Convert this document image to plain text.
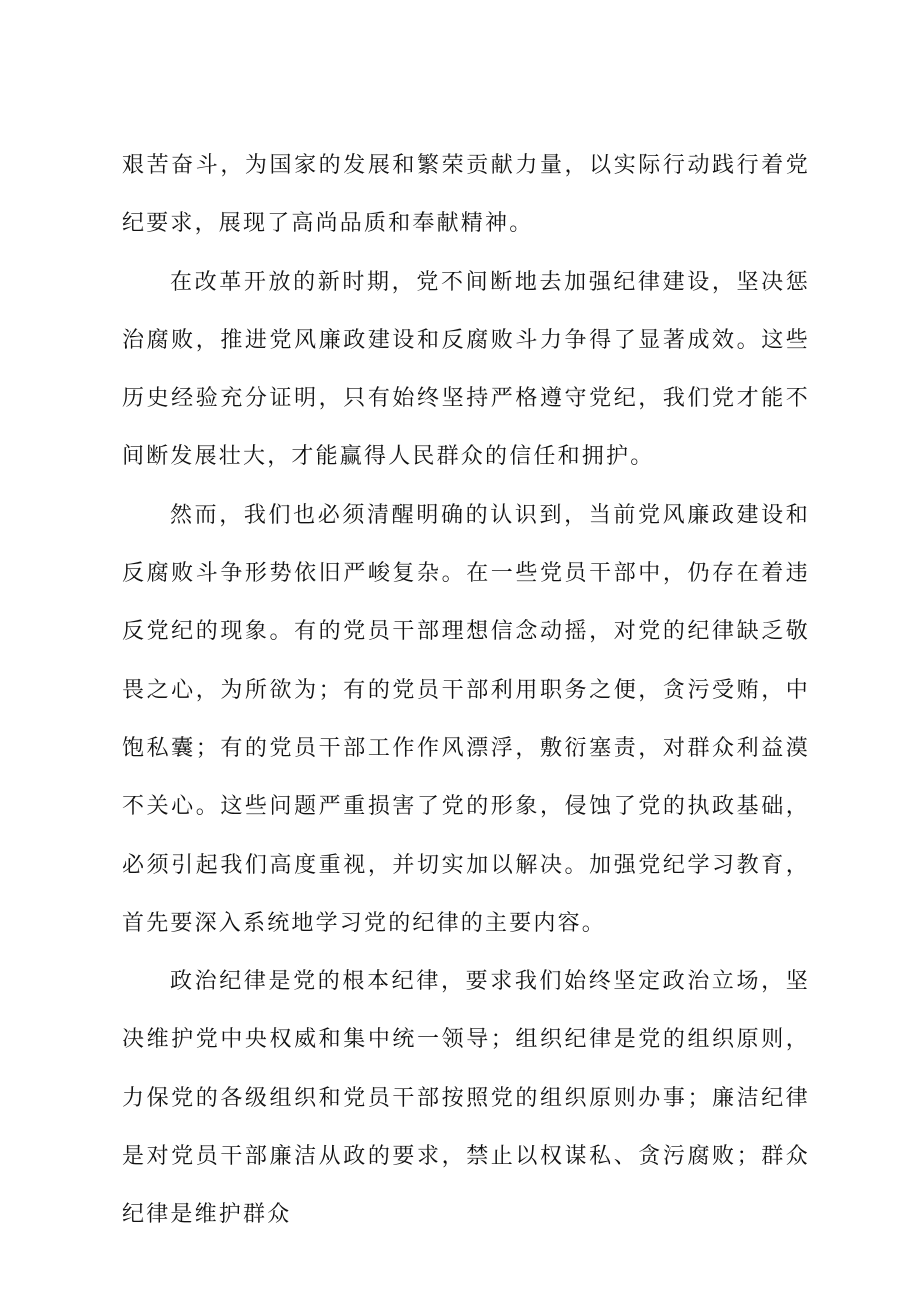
艰苦奋斗，为国家的发展和繁荣贡献力量，以实际行动践行着党纪要求，展现了高尚品质和奉献精神。

在改革开放的新时期，党不间断地去加强纪律建设，坚决惩治腐败，推进党风廉政建设和反腐败斗力争得了显著成效。这些历史经验充分证明，只有始终坚持严格遵守党纪，我们党才能不间断发展壮大，才能赢得人民群众的信任和拥护。

然而，我们也必须清醒明确的认识到，当前党风廉政建设和反腐败斗争形势依旧严峻复杂。在一些党员干部中，仍存在着违反党纪的现象。有的党员干部理想信念动摇，对党的纪律缺乏敬畏之心，为所欲为；有的党员干部利用职务之便，贪污受贿，中饱私囊；有的党员干部工作作风漂浮，敷衍塞责，对群众利益漠不关心。这些问题严重损害了党的形象，侵蚀了党的执政基础，必须引起我们高度重视，并切实加以解决。加强党纪学习教育，首先要深入系统地学习党的纪律的主要内容。

政治纪律是党的根本纪律，要求我们始终坚定政治立场，坚决维护党中央权威和集中统一领导；组织纪律是党的组织原则，力保党的各级组织和党员干部按照党的组织原则办事；廉洁纪律是对党员干部廉洁从政的要求，禁止以权谋私、贪污腐败；群众纪律是维护群众
